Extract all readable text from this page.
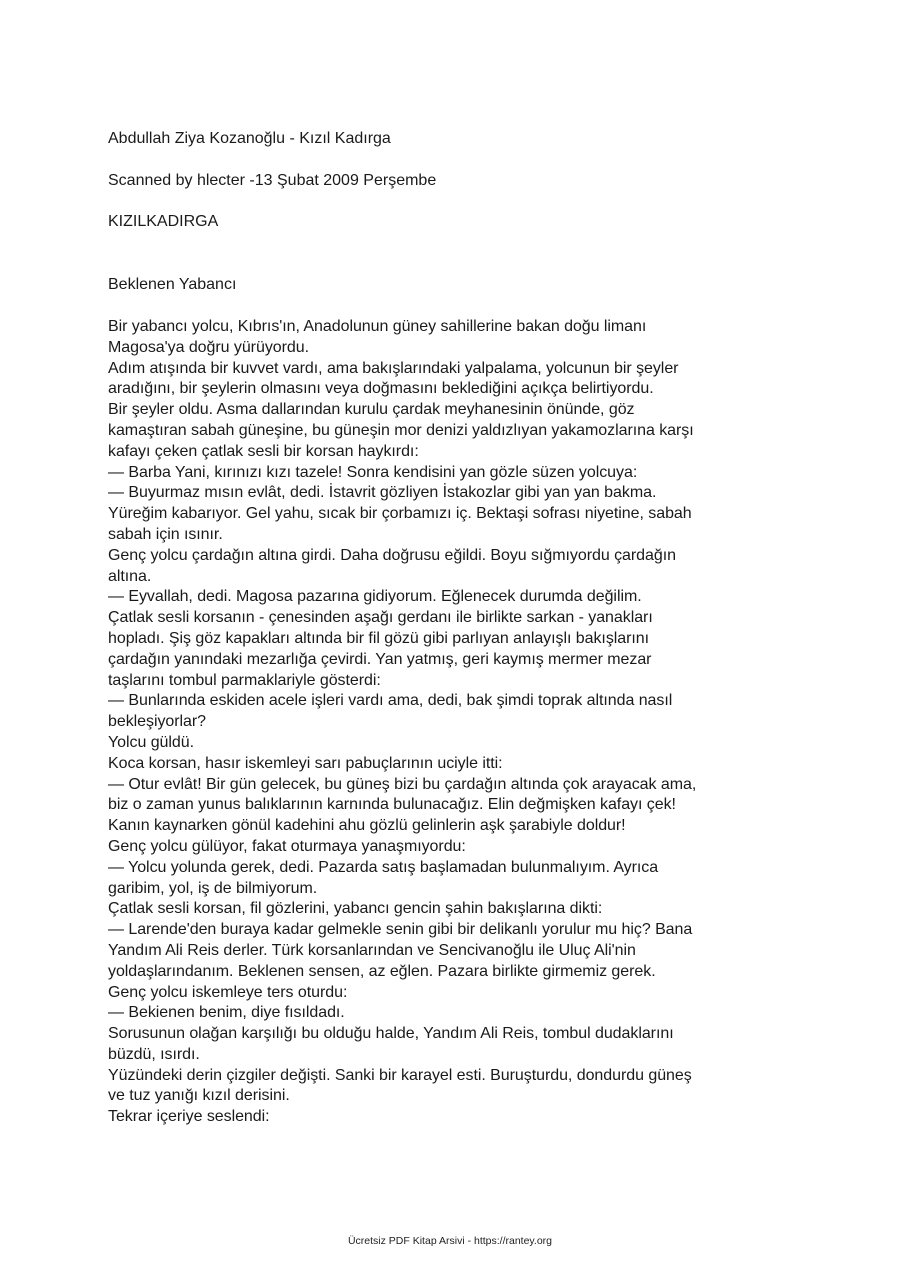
Abdullah Ziya Kozanoğlu - Kızıl Kadırga
Scanned by hlecter -13 Şubat 2009 Perşembe
KIZILKADIRGA
Beklenen Yabancı
Bir yabancı yolcu, Kıbrıs'ın, Anadolunun güney sahillerine bakan doğu limanı
Magosa'ya doğru yürüyordu.
Adım atışında bir kuvvet vardı, ama bakışlarındaki yalpalama, yolcunun bir şeyler
aradığını, bir şeylerin olmasını veya doğmasını beklediğini açıkça belirtiyordu.
Bir şeyler oldu. Asma dallarından kurulu çardak meyhanesinin önünde, göz
kamaştıran sabah güneşine, bu güneşin mor denizi yaldızlıyan yakamozlarına karşı
kafayı çeken çatlak sesli bir korsan haykırdı:
— Barba Yani, kırınızı kızı tazele! Sonra kendisini yan gözle süzen yolcuya:
— Buyurmaz mısın evlât, dedi. İstavrit gözliyen İstakozlar gibi yan yan bakma.
Yüreğim kabarıyor. Gel yahu, sıcak bir çorbamızı iç. Bektaşi sofrası niyetine, sabah
sabah için ısınır.
Genç yolcu çardağın altına girdi. Daha doğrusu eğildi. Boyu sığmıyordu çardağın
altına.
— Eyvallah, dedi. Magosa pazarına gidiyorum. Eğlenecek durumda değilim.
Çatlak sesli korsanın - çenesinden aşağı gerdanı ile birlikte sarkan - yanakları
hopladı. Şiş göz kapakları altında bir fil gözü gibi parlıyan anlayışlı bakışlarını
çardağın yanındaki mezarlığa çevirdi. Yan yatmış, geri kaymış mermer mezar
taşlarını tombul parmaklariyle gösterdi:
— Bunlarında eskiden acele işleri vardı ama, dedi, bak şimdi toprak altında nasıl
bekleşiyorlar?
Yolcu güldü.
Koca korsan, hasır iskemleyi sarı pabuçlarının uciyle itti:
— Otur evlât! Bir gün gelecek, bu güneş bizi bu çardağın altında çok arayacak ama,
biz o zaman yunus balıklarının karnında bulunacağız. Elin değmişken kafayı çek!
Kanın kaynarken gönül kadehini ahu gözlü gelinlerin aşk şarabiyle doldur!
Genç yolcu gülüyor, fakat oturmaya yanaşmıyordu:
— Yolcu yolunda gerek, dedi. Pazarda satış başlamadan bulunmalıyım. Ayrıca
garibim, yol, iş de bilmiyorum.
Çatlak sesli korsan, fil gözlerini, yabancı gencin şahin bakışlarına dikti:
— Larende'den buraya kadar gelmekle senin gibi bir delikanlı yorulur mu hiç? Bana
Yandım Ali Reis derler. Türk korsanlarından ve Sencivanoğlu ile Uluç Ali'nin
yoldaşlarındanım. Beklenen sensen, az eğlen. Pazara birlikte girmemiz gerek.
Genç yolcu iskemleye ters oturdu:
— Bekienen benim, diye fısıldadı.
Sorusunun olağan karşılığı bu olduğu halde, Yandım Ali Reis, tombul dudaklarını
büzdü, ısırdı.
Yüzündeki derin çizgiler değişti. Sanki bir karayel esti. Buruşturdu, dondurdu güneş
ve tuz yanığı kızıl derisini.
Tekrar içeriye seslendi:
Ücretsiz PDF Kitap Arsivi - https://rantey.org
